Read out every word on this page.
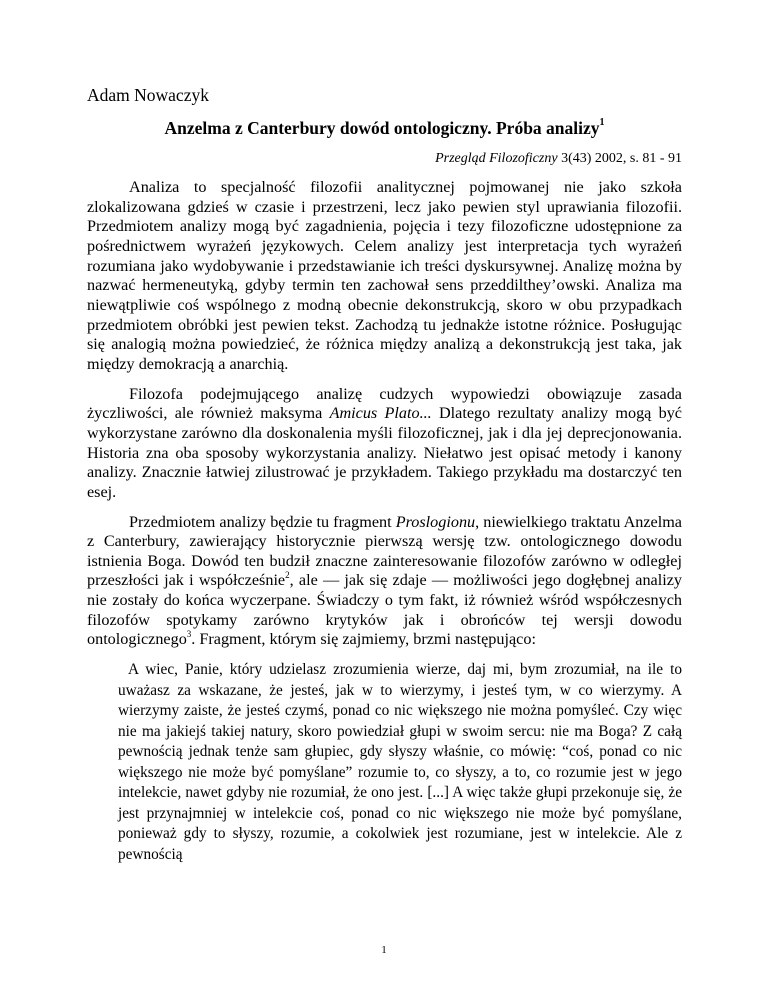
Adam Nowaczyk
Anzelma z Canterbury dowód ontologiczny. Próba analizy$^1$
Przegląd Filozoficzny 3(43) 2002, s. 81 - 91

Analiza to specjalność filozofii analitycznej pojmowanej nie jako szkoła zlokalizowana gdzieś w czasie i przestrzeni, lecz jako pewien styl uprawiania filozofii. Przedmiotem analizy mogą być zagadnienia, pojęcia i tezy filozoficzne udostępnione za pośrednictwem wyrażeń językowych. Celem analizy jest interpretacja tych wyrażeń rozumiana jako wydobywanie i przedstawianie ich treści dyskursywnej. Analizę można by nazwać hermeneutyką, gdyby termin ten zachował sens przeddilthey’owski. Analiza ma niewątpliwie coś wspólnego z modną obecnie dekonstrukcją, skoro w obu przypadkach przedmiotem obróbki jest pewien tekst. Zachodzą tu jednakże istotne różnice. Posługując się analogią można powiedzieć, że różnica między analizą a dekonstrukcją jest taka, jak między demokracją a anarchią.

Filozofa podejmującego analizę cudzych wypowiedzi obowiązuje zasada życzliwości, ale również maksyma Amicus Plato... Dlatego rezultaty analizy mogą być wykorzystane zarówno dla doskonalenia myśli filozoficznej, jak i dla jej deprecjonowania. Historia zna oba sposoby wykorzystania analizy. Niełatwo jest opisać metody i kanony analizy. Znacznie łatwiej zilustrować je przykładem. Takiego przykładu ma dostarczyć ten esej.

Przedmiotem analizy będzie tu fragment Proslogionu, niewielkiego traktatu Anzelma z Canterbury, zawierający historycznie pierwszą wersję tzw. ontologicznego dowodu istnienia Boga. Dowód ten budził znaczne zainteresowanie filozofów zarówno w odległej przeszłości jak i współcześnie$^2$, ale — jak się zdaje — możliwości jego dogłębnej analizy nie zostały do końca wyczerpane. Świadczy o tym fakt, iż również wśród współczesnych filozofów spotykamy zarówno krytyków jak i obrońców tej wersji dowodu ontologicznego$^3$. Fragment, którym się zajmiemy, brzmi następująco:

A wiec, Panie, który udzielasz zrozumienia wierze, daj mi, bym zrozumiał, na ile to uważasz za wskazane, że jesteś, jak w to wierzymy, i jesteś tym, w co wierzymy. A wierzymy zaiste, że jesteś czymś, ponad co nic większego nie można pomyśleć. Czy więc nie ma jakiejś takiej natury, skoro powiedział głupi w swoim sercu: nie ma Boga? Z całą pewnością jednak tenże sam głupiec, gdy słyszy właśnie, co mówię: “coś, ponad co nic większego nie może być pomyślane” rozumie to, co słyszy, a to, co rozumie jest w jego intelekcie, nawet gdyby nie rozumiał, że ono jest. [...] A więc także głupi przekonuje się, że jest przynajmniej w intelekcie coś, ponad co nic większego nie może być pomyślane, ponieważ gdy to słyszy, rozumie, a cokolwiek jest rozumiane, jest w intelekcie. Ale z pewnością

1
